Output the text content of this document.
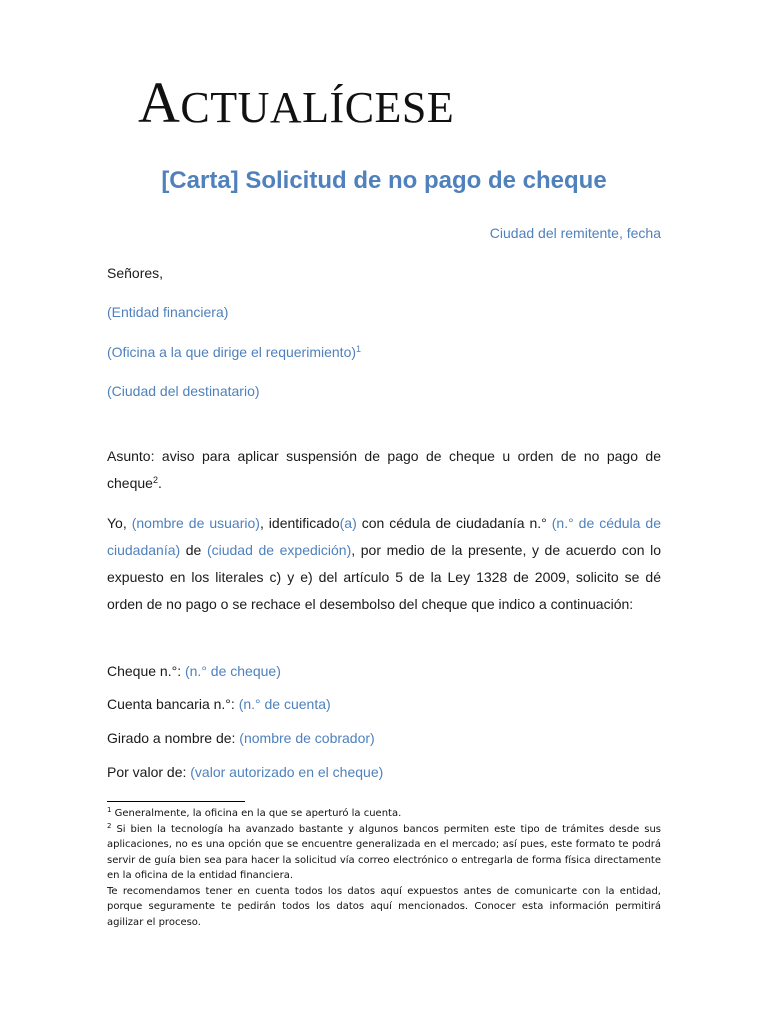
ACTUALÍCESE
[Carta] Solicitud de no pago de cheque
Ciudad del remitente, fecha
Señores,
(Entidad financiera)
(Oficina a la que dirige el requerimiento)$^1$
(Ciudad del destinatario)
Asunto: aviso para aplicar suspensión de pago de cheque u orden de no pago de cheque$^2$.
Yo, (nombre de usuario), identificado(a) con cédula de ciudadanía n.° (n.° de cédula de ciudadanía) de (ciudad de expedición), por medio de la presente, y de acuerdo con lo expuesto en los literales c) y e) del artículo 5 de la Ley 1328 de 2009, solicito se dé orden de no pago o se rechace el desembolso del cheque que indico a continuación:
Cheque n.°: (n.° de cheque)
Cuenta bancaria n.°: (n.° de cuenta)
Girado a nombre de: (nombre de cobrador)
Por valor de: (valor autorizado en el cheque)

$^1$ Generalmente, la oficina en la que se aperturó la cuenta.

$^2$ Si bien la tecnología ha avanzado bastante y algunos bancos permiten este tipo de trámites desde sus aplicaciones, no es una opción que se encuentre generalizada en el mercado; así pues, este formato te podrá servir de guía bien sea para hacer la solicitud vía correo electrónico o entregarla de forma física directamente en la oficina de la entidad financiera.

Te recomendamos tener en cuenta todos los datos aquí expuestos antes de comunicarte con la entidad, porque seguramente te pedirán todos los datos aquí mencionados. Conocer esta información permitirá agilizar el proceso.
